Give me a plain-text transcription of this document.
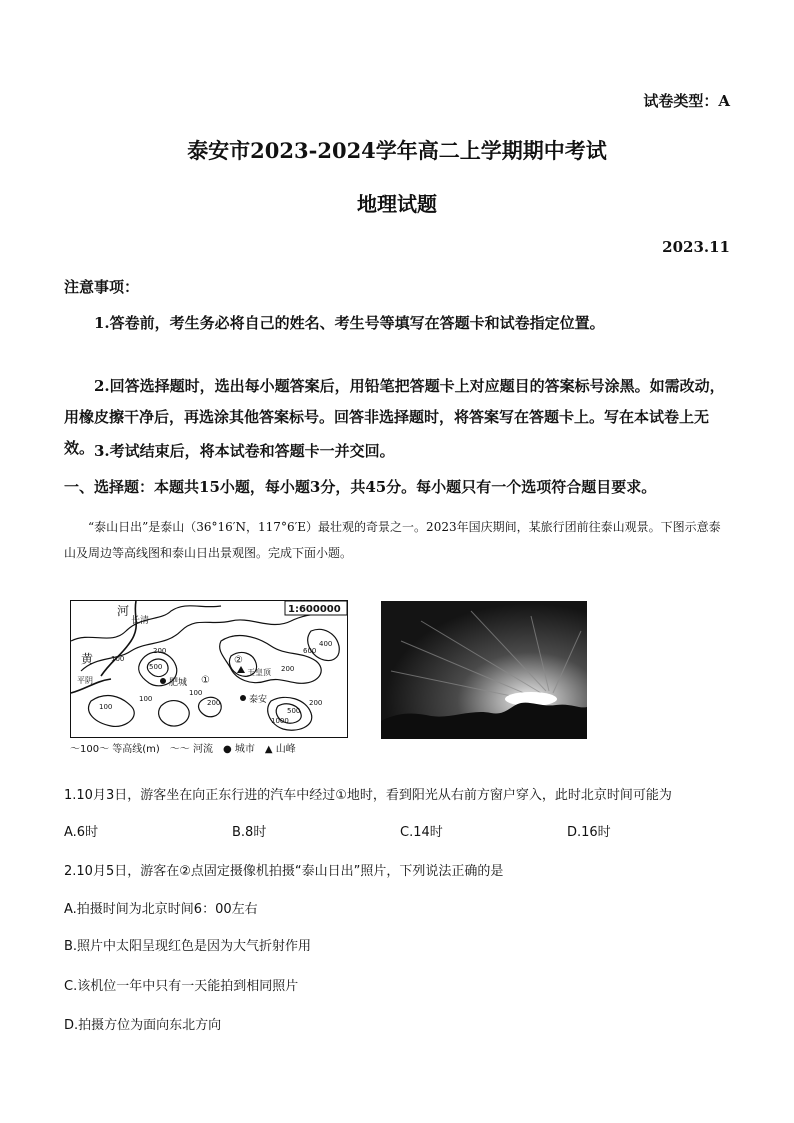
试卷类型：A
泰安市2023-2024学年高二上学期期中考试
地理试题
2023.11
注意事项：
1.答卷前，考生务必将自己的姓名、考生号等填写在答题卡和试卷指定位置。
2.回答选择题时，选出每小题答案后，用铅笔把答题卡上对应题目的答案标号涂黑。如需改动，用橡皮擦干净后，再选涂其他答案标号。回答非选择题时，将答案写在答题卡上。写在本试卷上无效。 3.考试结束后，将本试卷和答题卡一并交回。
一、选择题：本题共15小题，每小题3分，共45分。每小题只有一个选项符合题目要求。
“泰山日出”是泰山（36°16′N，117°6′E）最壮观的奇景之一。2023年国庆期间，某旅行团前往泰山观景。下图示意泰山及周边等高线图和泰山日出景观图。完成下面小题。
1:600000
河
长清
黄
平阴	肥城 ①
泰安
②
玉皇顶
100
200
500
600
400
200
100
100
200
500
1000
200
100
～100～ 等高线(m)　～～ 河流　● 城市　▲ 山峰
1.10月3日，游客坐在向正东行进的汽车中经过①地时，看到阳光从右前方窗户穿入，此时北京时间可能为
A.6时	B.8时	C.14时	D.16时
2.10月5日，游客在②点固定摄像机拍摄“泰山日出”照片，下列说法正确的是
A.拍摄时间为北京时间6：00左右
B.照片中太阳呈现红色是因为大气折射作用
C.该机位一年中只有一天能拍到相同照片
D.拍摄方位为面向东北方向
